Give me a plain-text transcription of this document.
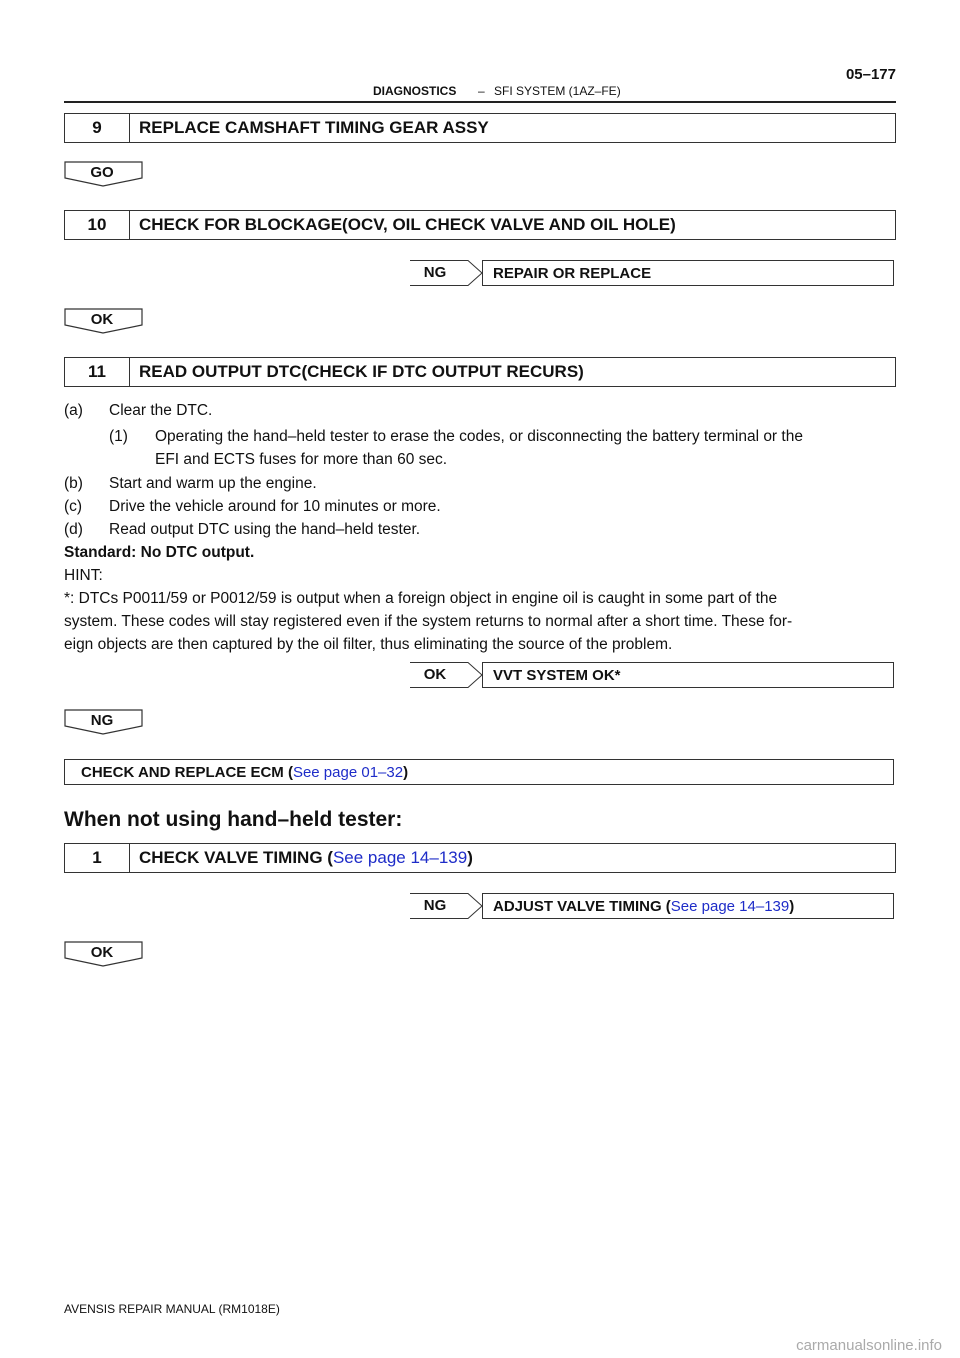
DIAGNOSTICS – SFI SYSTEM (1AZ–FE)
05–177
9	REPLACE CAMSHAFT TIMING GEAR ASSY
GO
10	CHECK FOR BLOCKAGE(OCV, OIL CHECK VALVE AND OIL HOLE)
NG	REPAIR OR REPLACE
OK
11	READ OUTPUT DTC(CHECK IF DTC OUTPUT RECURS)
(a) Clear the DTC.
(1) Operating the hand–held tester to erase the codes, or disconnecting the battery terminal or the
EFI and ECTS fuses for more than 60 sec.
(b) Start and warm up the engine.
(c) Drive the vehicle around for 10 minutes or more.
(d) Read output DTC using the hand–held tester.
Standard: No DTC output.
HINT:
*: DTCs P0011/59 or P0012/59 is output when a foreign object in engine oil is caught in some part of the
system. These codes will stay registered even if the system returns to normal after a short time. These for-
eign objects are then captured by the oil filter, thus eliminating the source of the problem.
OK	VVT SYSTEM OK*
NG
CHECK AND REPLACE ECM (See page 01–32)
When not using hand–held tester:
1	CHECK VALVE TIMING (See page 14–139)
NG	ADJUST VALVE TIMING (See page 14–139)
OK
AVENSIS REPAIR MANUAL (RM1018E)
carmanualsonline.info
